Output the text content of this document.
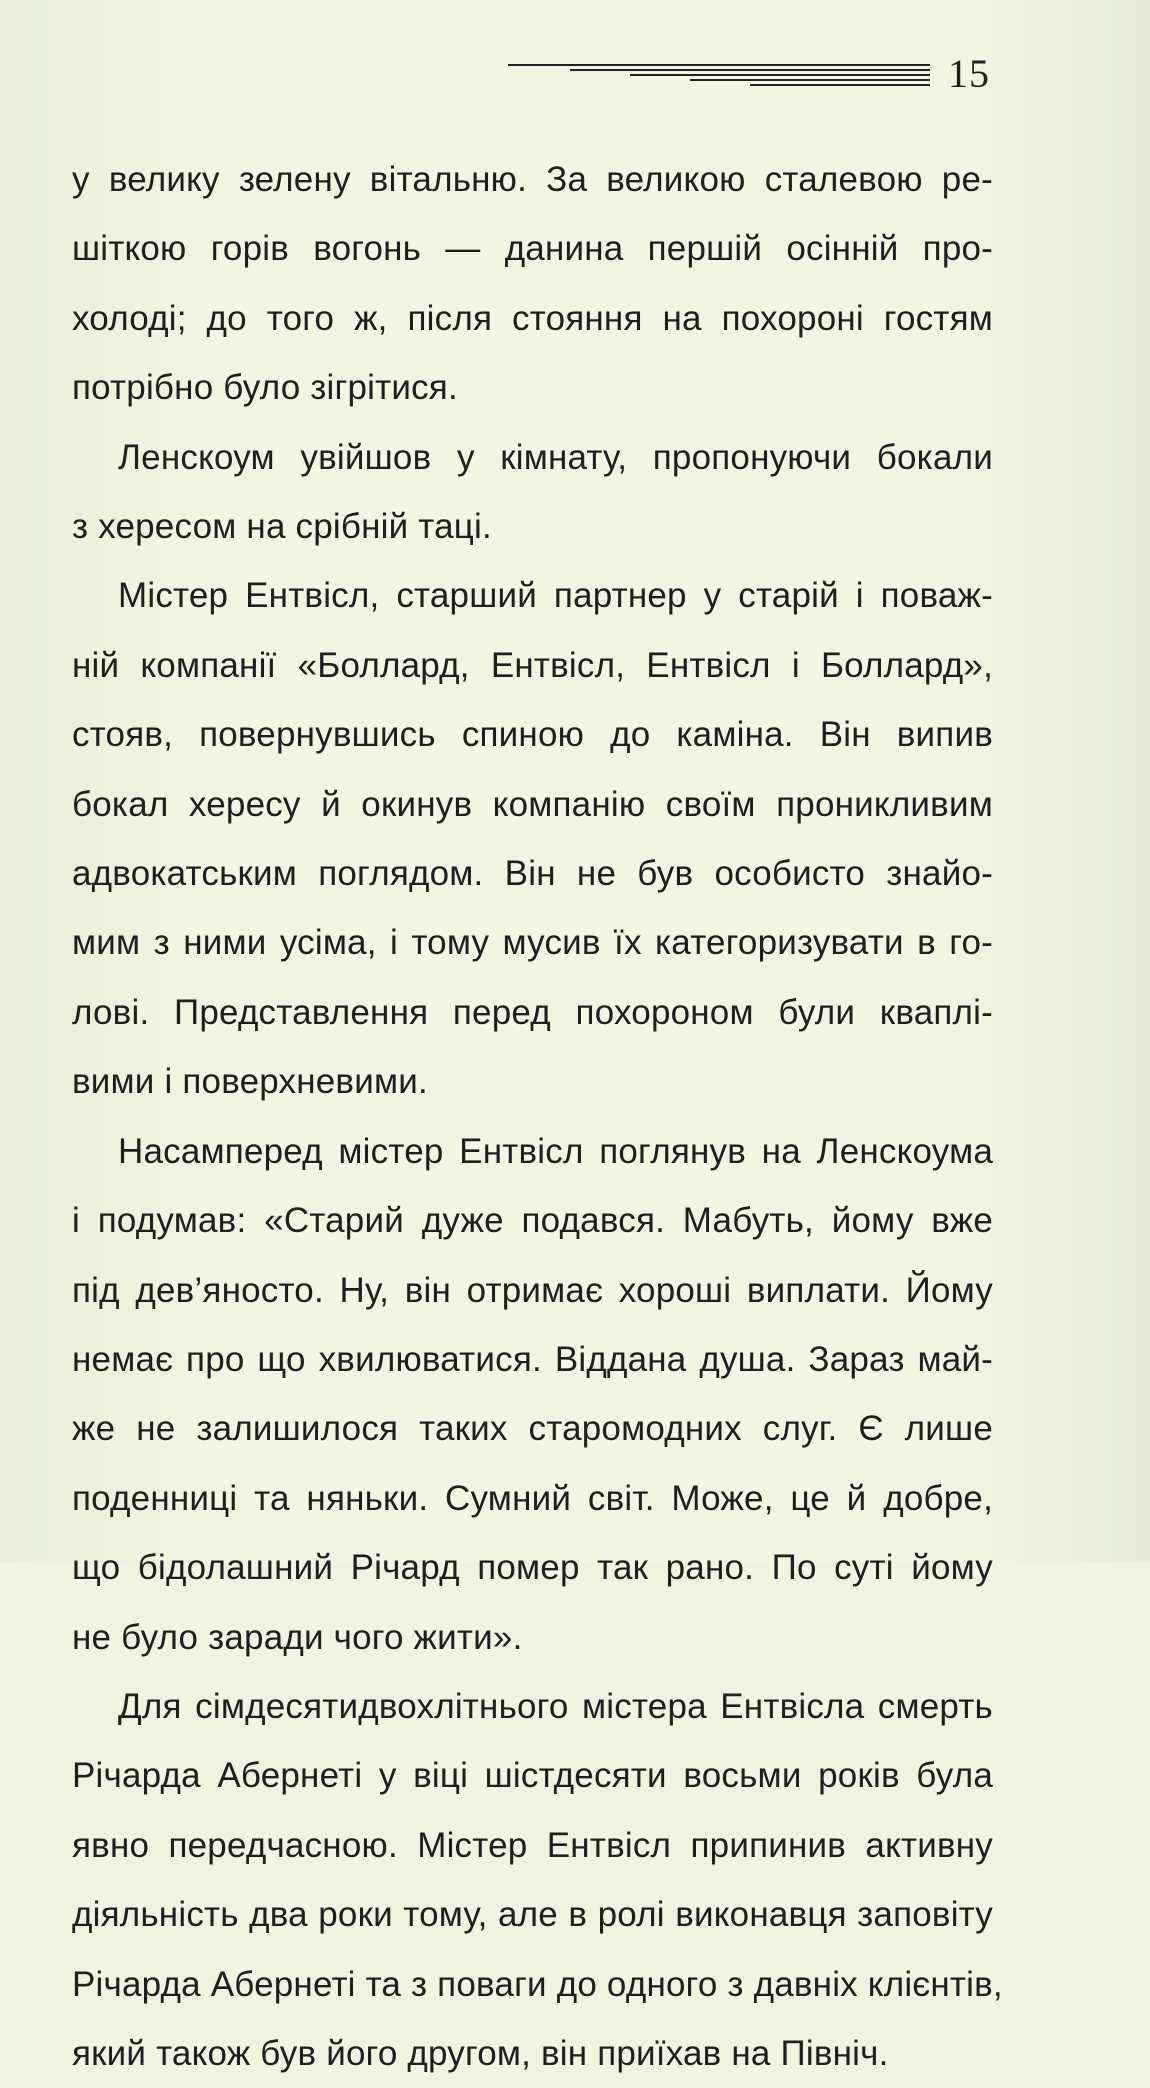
15
у велику зелену вітальню. За великою сталевою ре-
шіткою горів вогонь — данина першій осінній про-
холоді; до того ж, після стояння на похороні гостям
потрібно було зігрітися.
Ленскоум увійшов у кімнату, пропонуючи бокали
з хересом на срібній таці.
Містер Ентвісл, старший партнер у старій і поваж-
ній компанії «Боллард, Ентвісл, Ентвісл і Боллард»,
стояв, повернувшись спиною до каміна. Він випив
бокал хересу й окинув компанію своїм проникливим
адвокатським поглядом. Він не був особисто знайо-
мим з ними усіма, і тому мусив їх категоризувати в го-
лові. Представлення перед похороном були кваплі-
вими і поверхневими.
Насамперед містер Ентвісл поглянув на Ленскоума
і подумав: «Старий дуже подався. Мабуть, йому вже
під дев’яносто. Ну, він отримає хороші виплати. Йому
немає про що хвилюватися. Віддана душа. Зараз май-
же не залишилося таких старомодних слуг. Є лише
поденниці та няньки. Сумний світ. Може, це й добре,
що бідолашний Річард помер так рано. По суті йому
не було заради чого жити».
Для сімдесятидвохлітнього містера Ентвісла смерть
Річарда Абернеті у віці шістдесяти восьми років була
явно передчасною. Містер Ентвісл припинив активну
діяльність два роки тому, але в ролі виконавця заповіту
Річарда Абернеті та з поваги до одного з давніх клієнтів,
який також був його другом, він приїхав на Північ.
